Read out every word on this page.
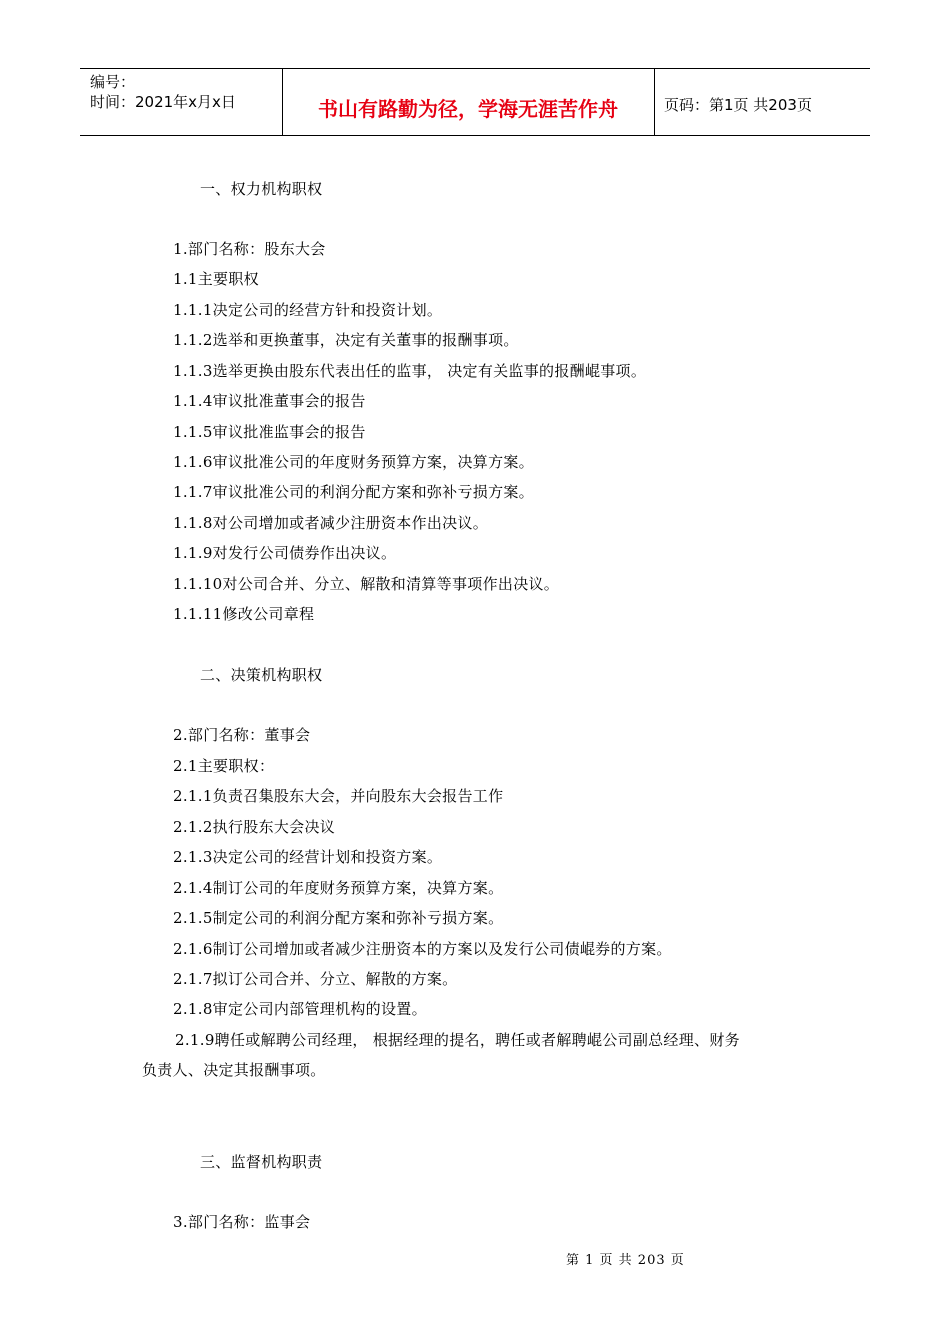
编号：
时间：2021年x月x日	书山有路勤为径，学海无涯苦作舟	页码：第1页 共203页
一、权力机构职权
1.部门名称：股东大会
1.1主要职权
1.1.1决定公司的经营方针和投资计划。
1.1.2选举和更换董事，决定有关董事的报酬事项。
1.1.3选举更换由股东代表出任的监事， 决定有关监事的报酬崐事项。
1.1.4审议批准董事会的报告
1.1.5审议批准监事会的报告
1.1.6审议批准公司的年度财务预算方案，决算方案。
1.1.7审议批准公司的利润分配方案和弥补亏损方案。
1.1.8对公司增加或者减少注册资本作出决议。
1.1.9对发行公司债券作出决议。
1.1.10对公司合并、分立、解散和清算等事项作出决议。
1.1.11修改公司章程
二、决策机构职权
2.部门名称：董事会
2.1主要职权：
2.1.1负责召集股东大会，并向股东大会报告工作
2.1.2执行股东大会决议
2.1.3决定公司的经营计划和投资方案。
2.1.4制订公司的年度财务预算方案，决算方案。
2.1.5制定公司的利润分配方案和弥补亏损方案。
2.1.6制订公司增加或者减少注册资本的方案以及发行公司债崐券的方案。
2.1.7拟订公司合并、分立、解散的方案。
2.1.8审定公司内部管理机构的设置。
2.1.9聘任或解聘公司经理， 根据经理的提名，聘任或者解聘崐公司副总经理、财务
负责人、决定其报酬事项。
三、监督机构职责
3.部门名称：监事会
第 1 页 共 203 页
